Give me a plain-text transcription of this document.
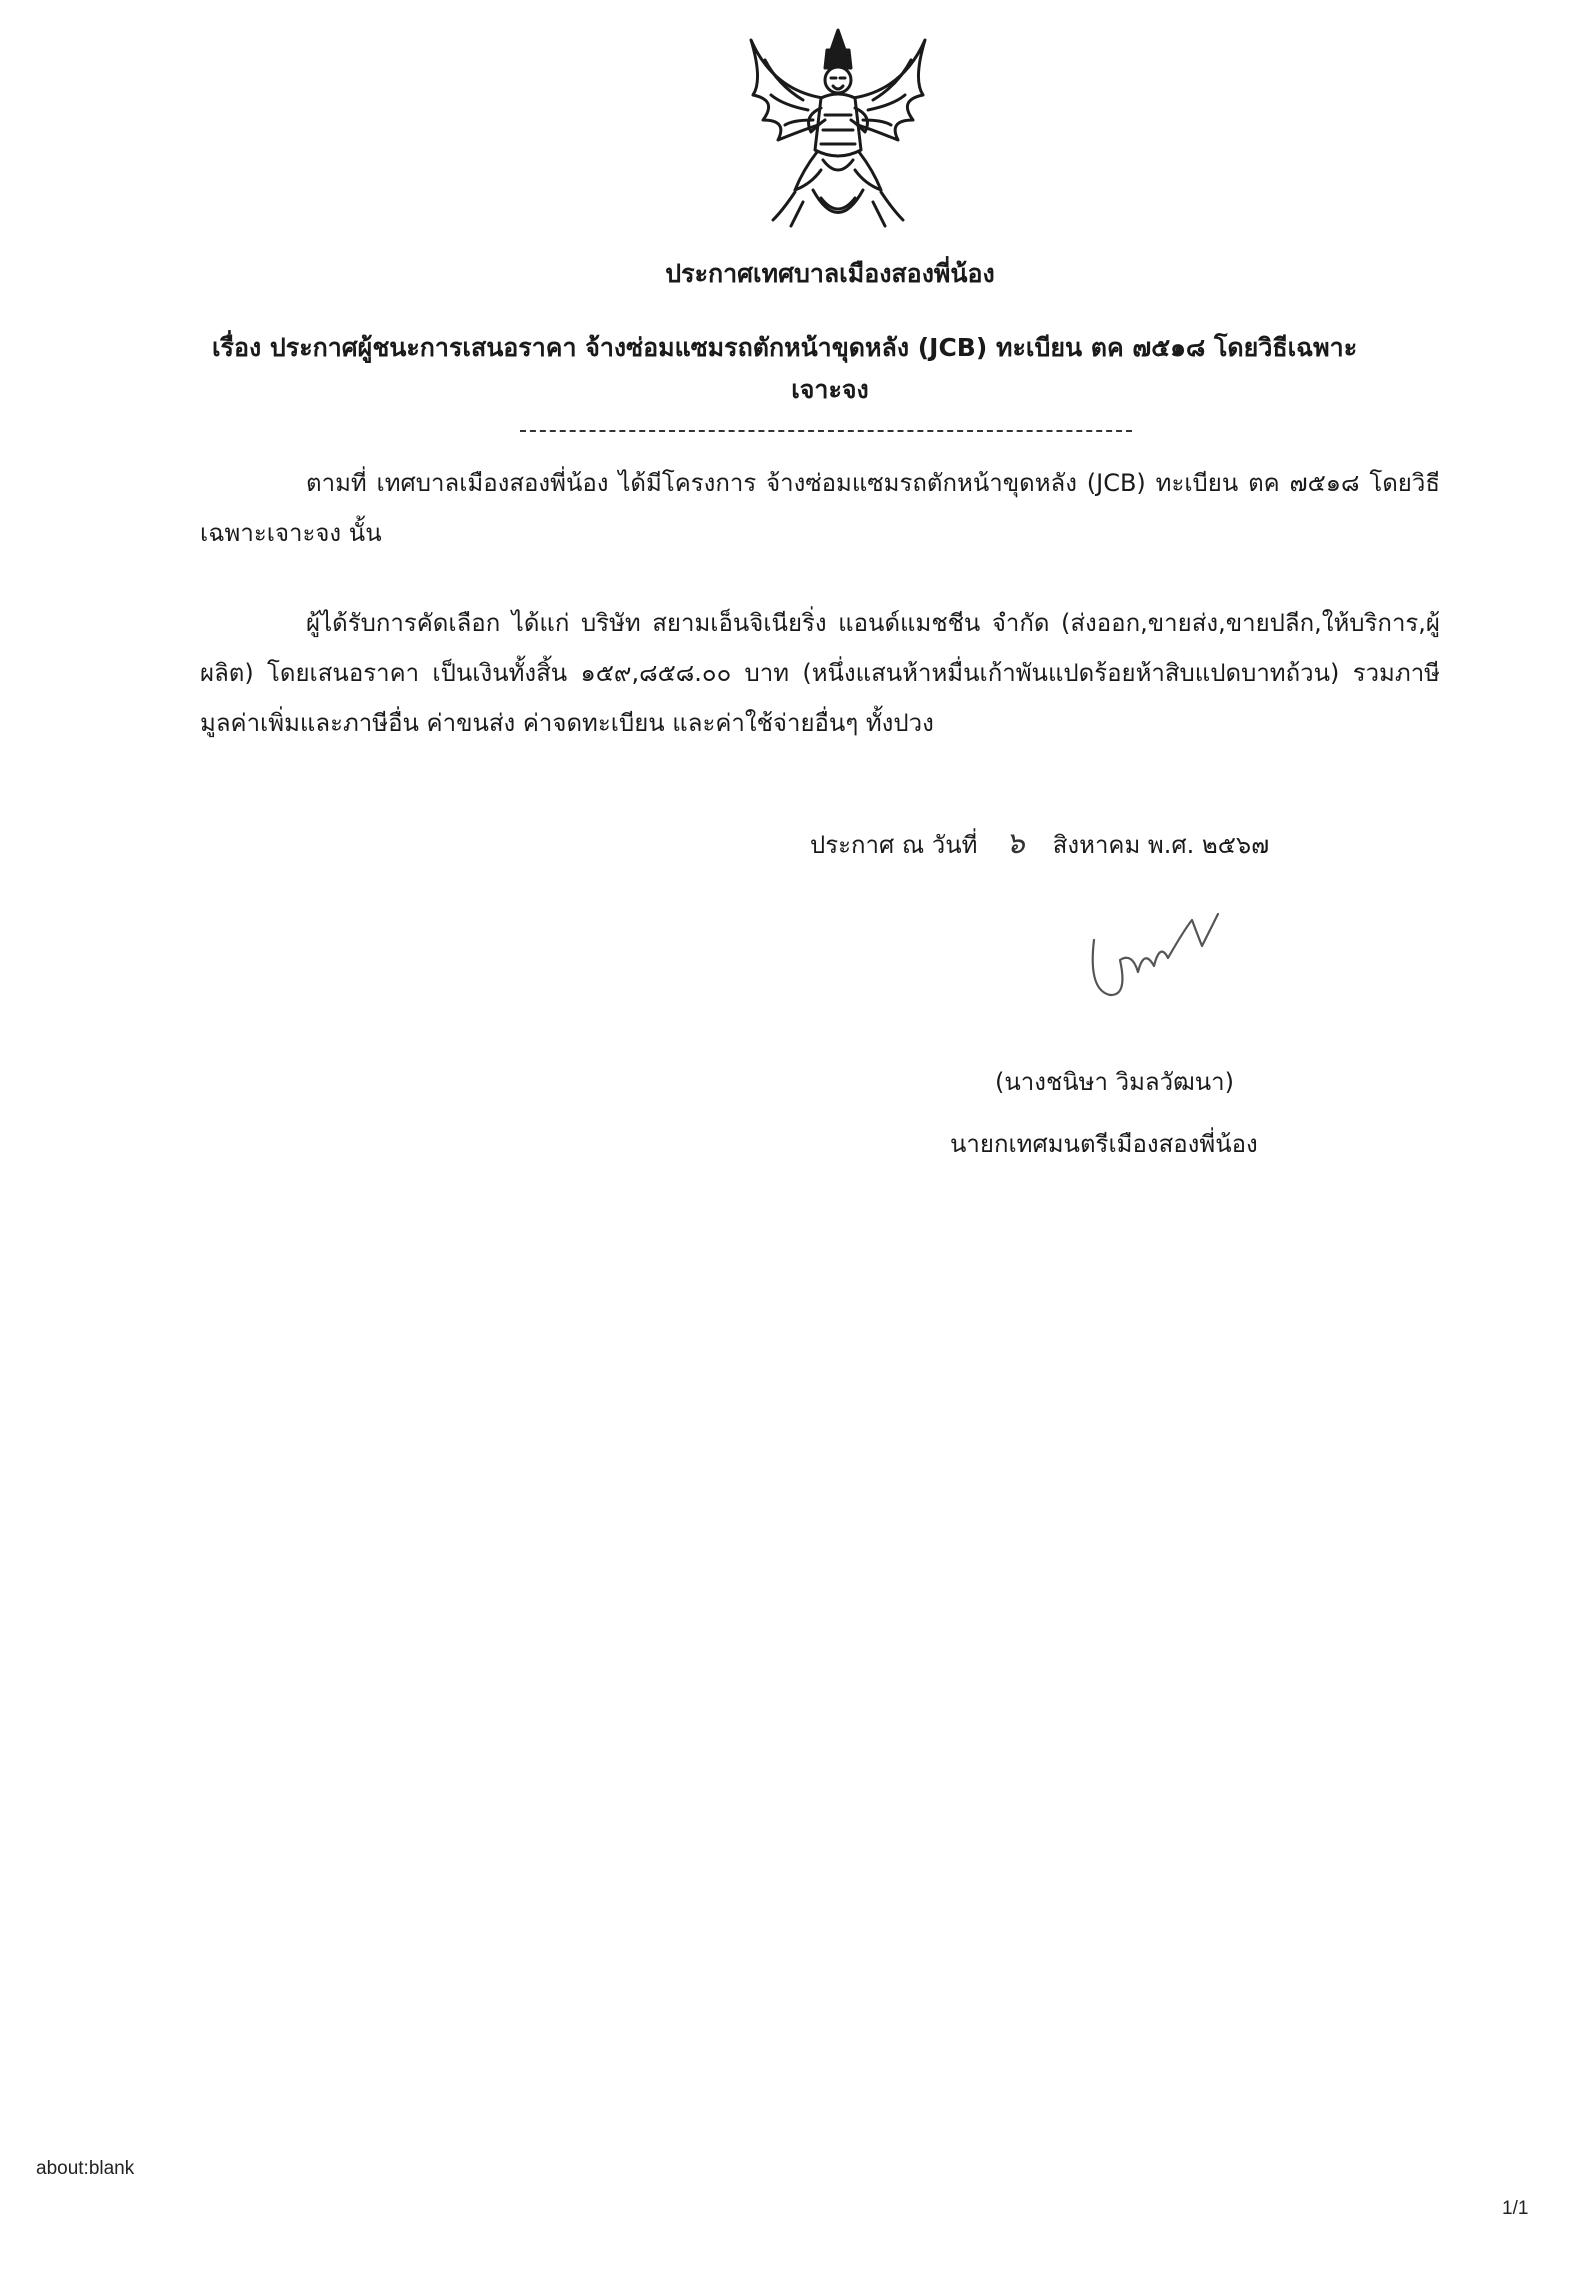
ประกาศเทศบาลเมืองสองพี่น้อง
เรื่อง ประกาศผู้ชนะการเสนอราคา จ้างซ่อมแซมรถตักหน้าขุดหลัง (JCB) ทะเบียน ตค ๗๕๑๘ โดยวิธีเฉพาะ
เจาะจง
ตามที่ เทศบาลเมืองสองพี่น้อง ได้มีโครงการ จ้างซ่อมแซมรถตักหน้าขุดหลัง (JCB) ทะเบียน ตค ๗๕๑๘ โดยวิธีเฉพาะเจาะจง นั้น
ผู้ได้รับการคัดเลือก ได้แก่ บริษัท สยามเอ็นจิเนียริ่ง แอนด์แมชชีน จำกัด (ส่งออก,ขายส่ง,ขายปลีก,ให้บริการ,ผู้ผลิต) โดยเสนอราคา เป็นเงินทั้งสิ้น ๑๕๙,๘๕๘.๐๐ บาท (หนึ่งแสนห้าหมื่นเก้าพันแปดร้อยห้าสิบแปดบาทถ้วน) รวมภาษีมูลค่าเพิ่มและภาษีอื่น ค่าขนส่ง ค่าจดทะเบียน และค่าใช้จ่ายอื่นๆ ทั้งปวง
ประกาศ ณ วันที่ ๖ สิงหาคม พ.ศ. ๒๕๖๗
(นางชนิษา วิมลวัฒนา)
นายกเทศมนตรีเมืองสองพี่น้อง
about:blank
1/1
